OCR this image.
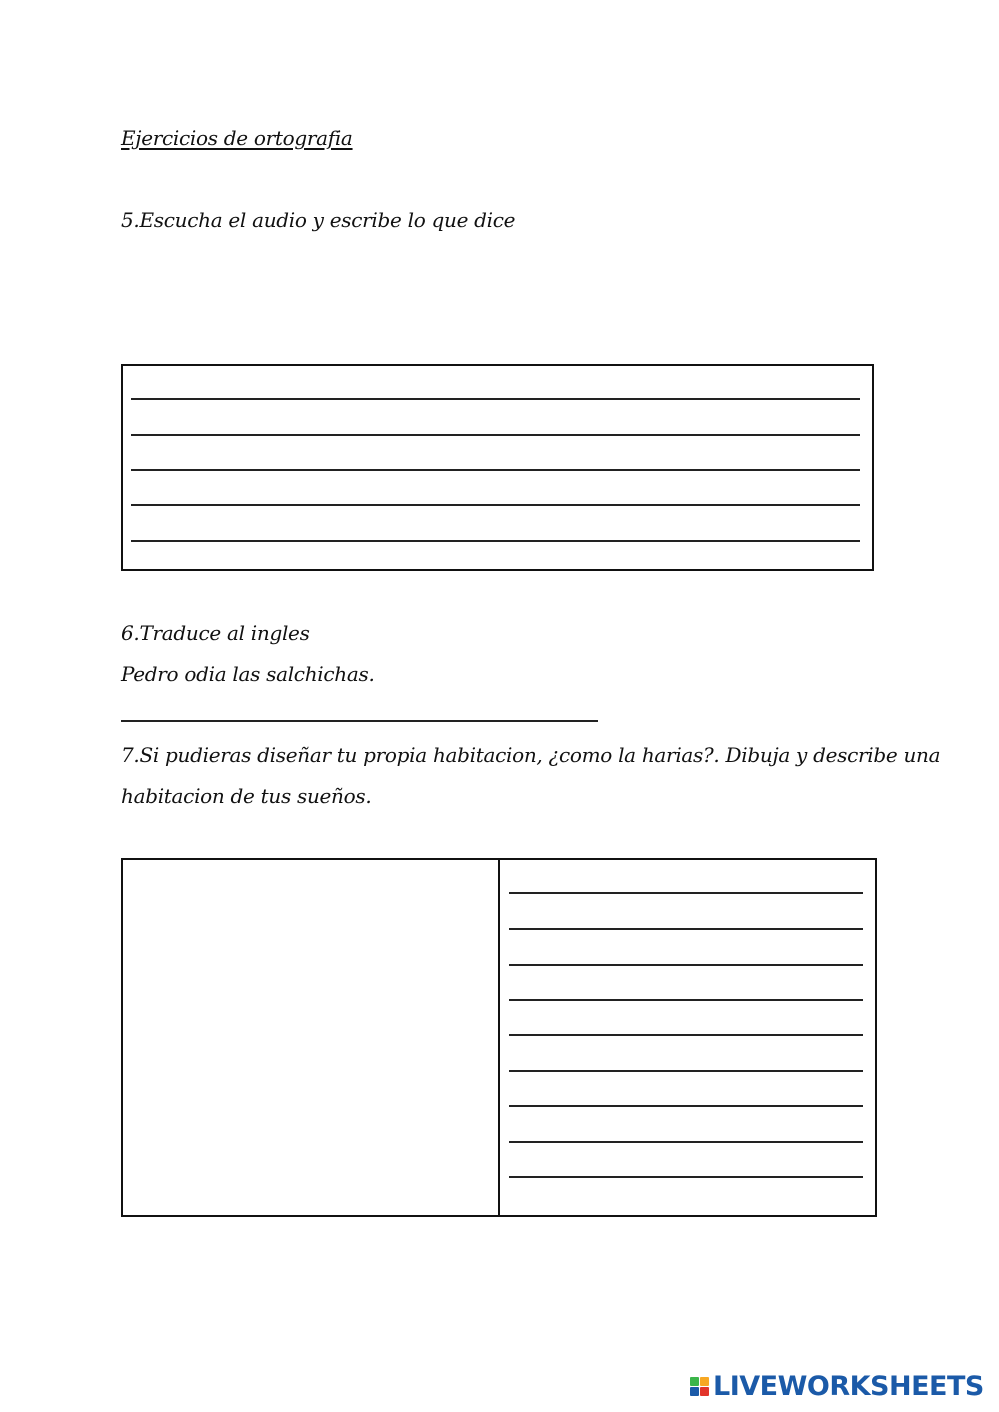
Ejercicios de ortografia
5.Escucha el audio y escribe lo que dice
6.Traduce al ingles
Pedro odia las salchichas.
7.Si pudieras diseñar tu propia habitacion, ¿como la harias?. Dibuja y describe una
habitacion de tus sueños.
LIVEWORKSHEETS
